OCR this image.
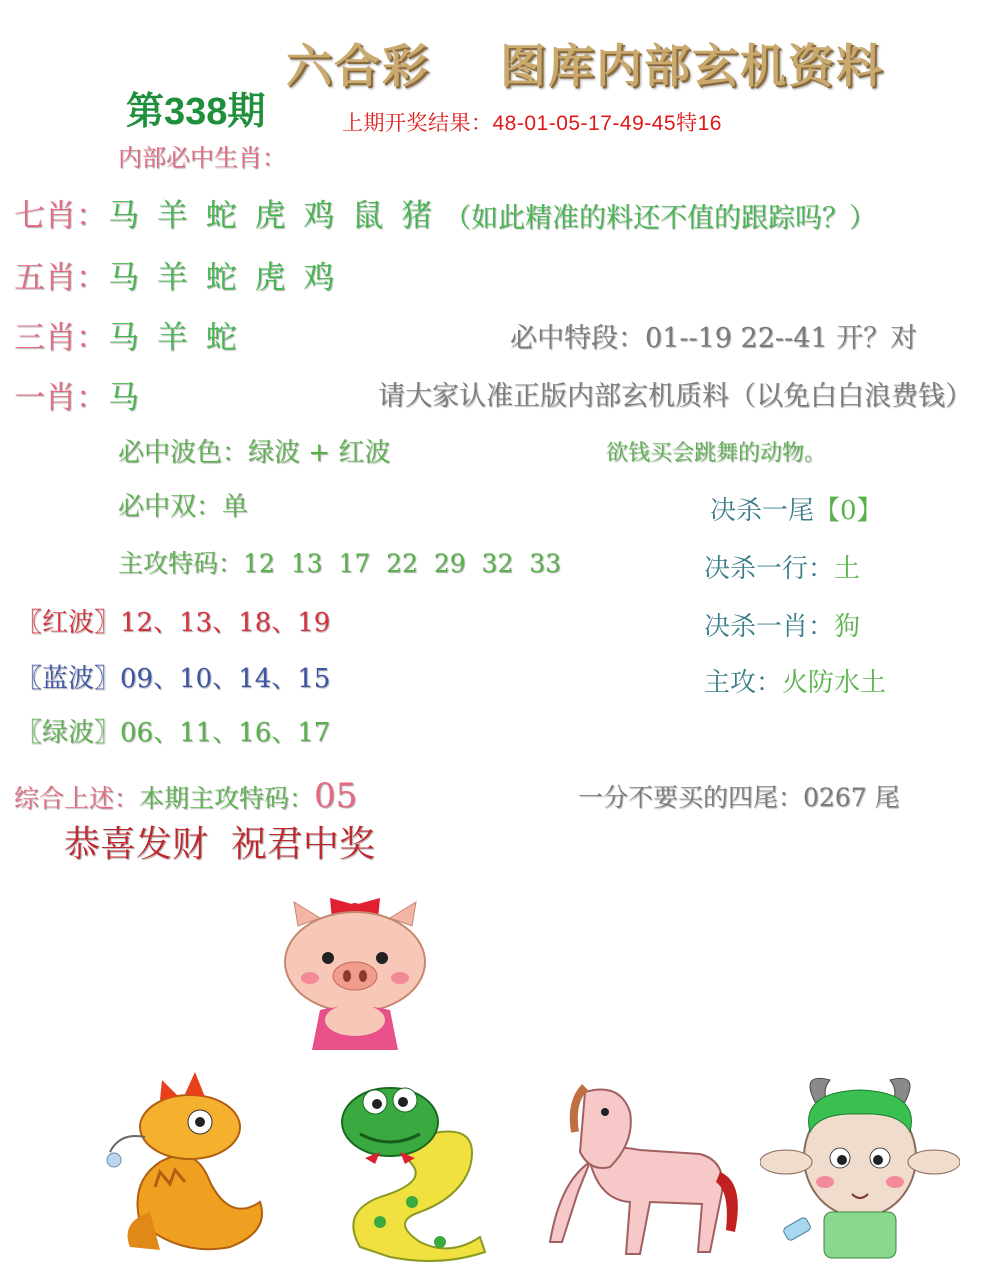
六合彩 图库内部玄机资料
第338期	上期开奖结果：48-01-05-17-49-45特16
内部必中生肖：
七肖： 马 羊 蛇 虎 鸡 鼠 猪 （如此精准的料还不值的跟踪吗？）
五肖： 马 羊 蛇 虎 鸡
三肖： 马 羊 蛇	必中特段：01--19 22--41 开？对
一肖： 马	请大家认准正版内部玄机质料（以免白白浪费钱）
必中波色：绿波 + 红波	欲钱买会跳舞的动物。
必中双：单	决杀一尾【0】
主攻特码：12  13  17  22  29  32  33	决杀一行：土
〖红波〗12、13、18、19	决杀一肖：狗
〖蓝波〗09、10、14、15	主攻：火防水土
〖绿波〗06、11、16、17
综合上述：本期主攻特码：05	一分不要买的四尾：0267 尾
恭喜发财  祝君中奖
